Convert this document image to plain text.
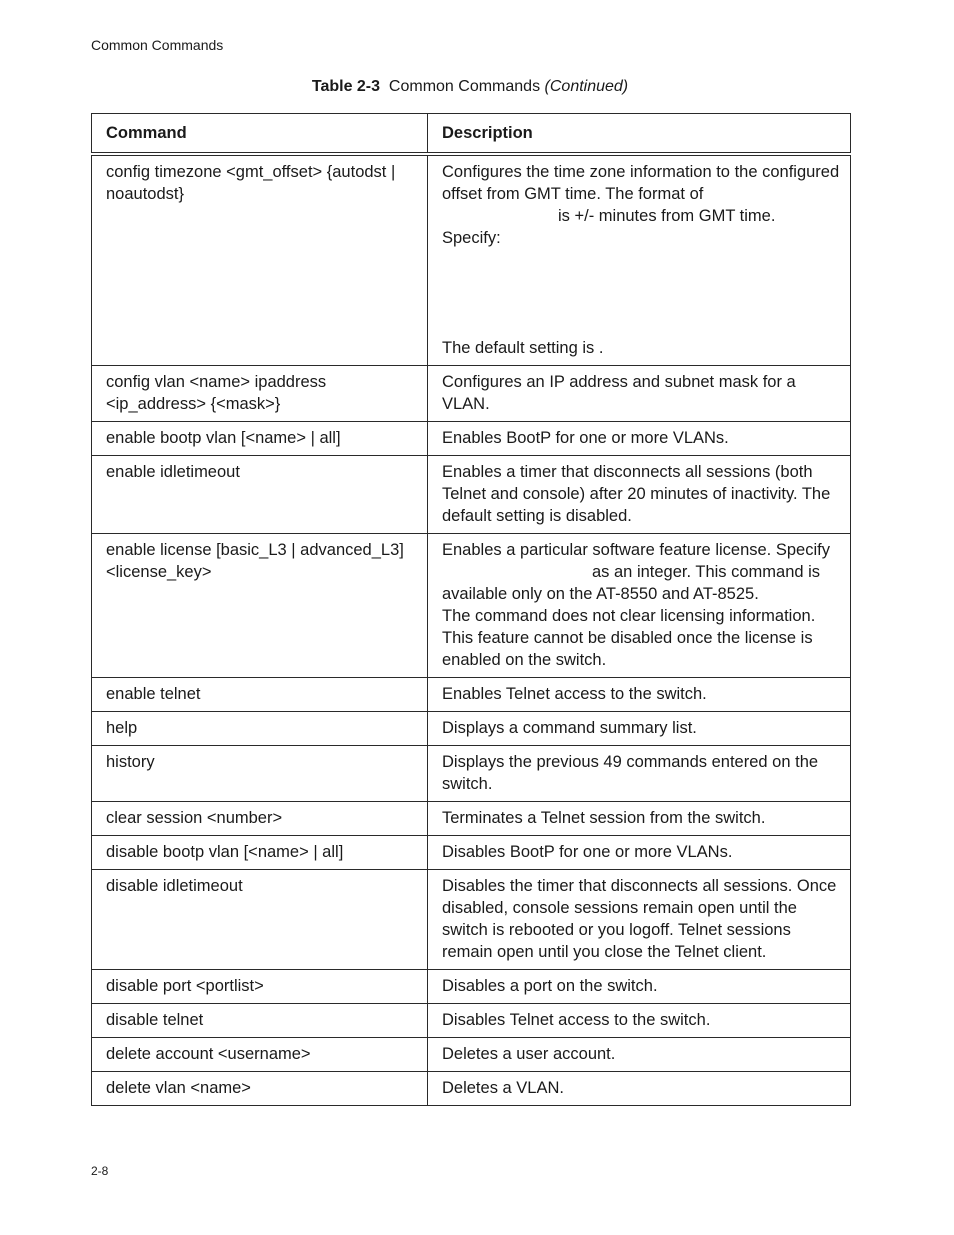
Common Commands
Table 2-3 Common Commands (Continued)
Command	Description
config timezone <gmt_offset> {autodst | noautodst}	Configures the time zone information to the configured offset from GMT time. The format of
is +/- minutes from GMT time.
Specify:
The default setting is .

config vlan <name> ipaddress <ip_address> {<mask>}	Configures an IP address and subnet mask for a VLAN.
enable bootp vlan [<name> | all]	Enables BootP for one or more VLANs.
enable idletimeout	Enables a timer that disconnects all sessions (both Telnet and console) after 20 minutes of inactivity. The default setting is disabled.
enable license [basic_L3 | advanced_L3] <license_key>	Enables a particular software feature license. Specify
as an integer. This command is available only on the AT-8550 and AT-8525.
The command does not clear licensing information. This feature cannot be disabled once the license is enabled on the switch.

enable telnet	Enables Telnet access to the switch.
help	Displays a command summary list.
history	Displays the previous 49 commands entered on the switch.
clear session <number>	Terminates a Telnet session from the switch.
disable bootp vlan [<name> | all]	Disables BootP for one or more VLANs.
disable idletimeout	Disables the timer that disconnects all sessions. Once disabled, console sessions remain open until the switch is rebooted or you logoff. Telnet sessions remain open until you close the Telnet client.
disable port <portlist>	Disables a port on the switch.
disable telnet	Disables Telnet access to the switch.
delete account <username>	Deletes a user account.
delete vlan <name>	Deletes a VLAN.
2-8
